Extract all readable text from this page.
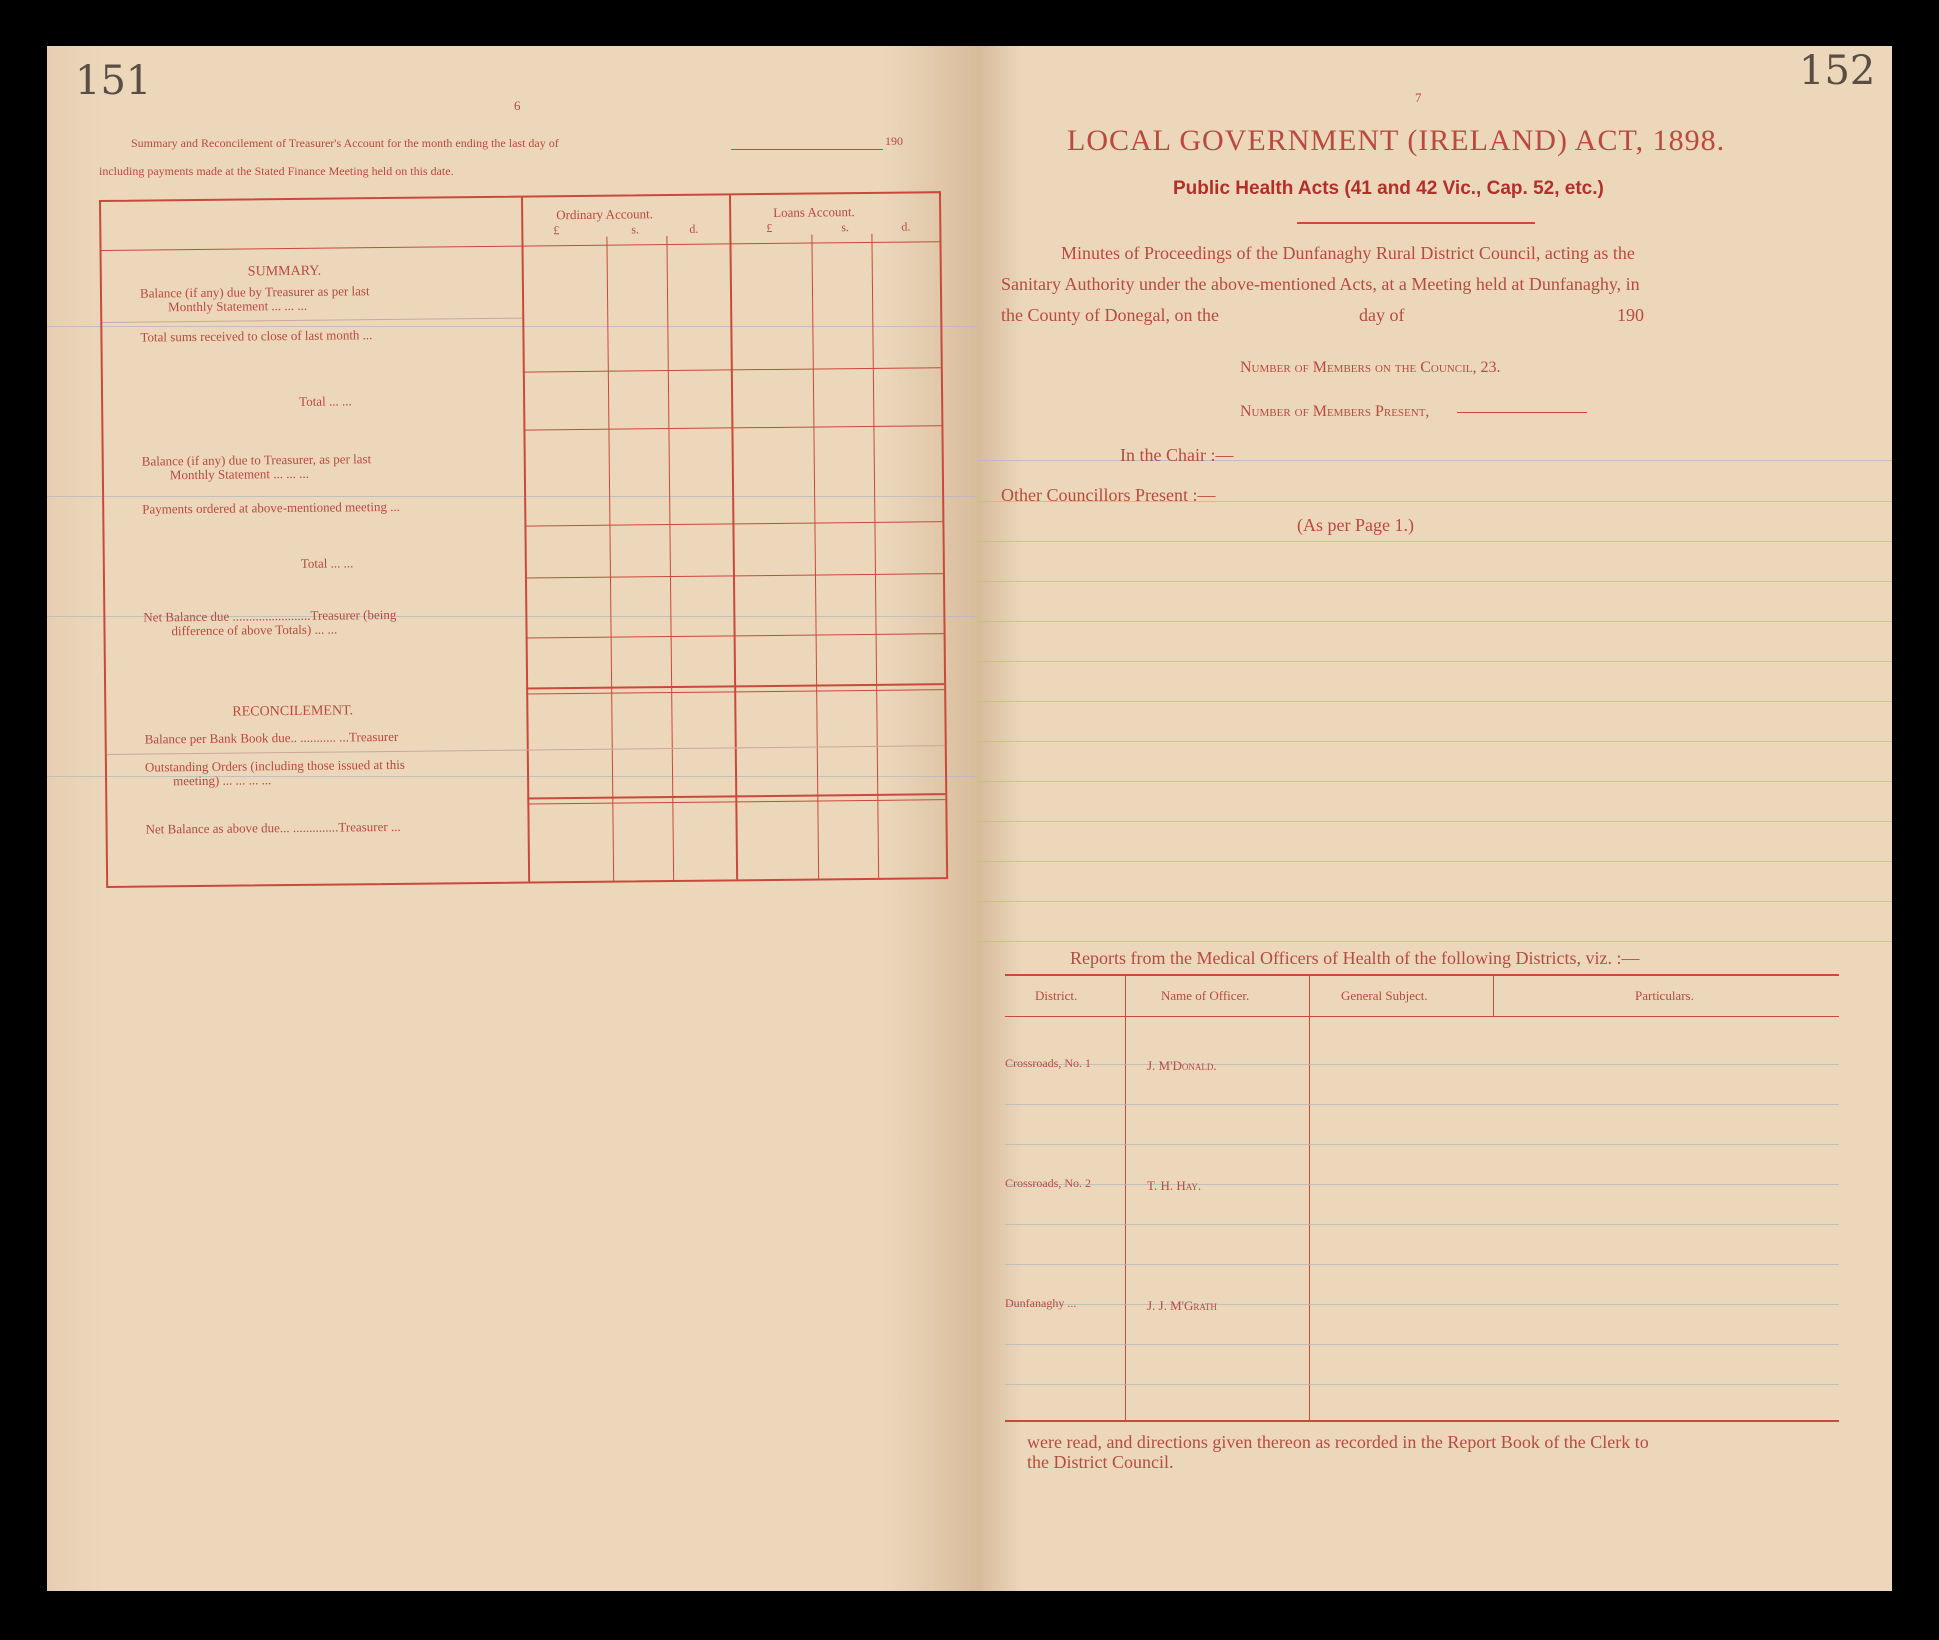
151
6
Summary and Reconcilement of Treasurer's Account for the month ending the last day of	190
including payments made at the Stated Finance Meeting held on this date.
Ordinary Account.	Loans Account.
£	s.	d.	£	s.	d.
SUMMARY.
Balance (if any) due by Treasurer as per last
Monthly Statement ... ... ...
Total sums received to close of last month ...
Total ... ...
Balance (if any) due to Treasurer, as per last
Monthly Statement ... ... ...
Payments ordered at above-mentioned meeting ...
Total ... ...
Net Balance due ........................Treasurer (being
difference of above Totals) ... ...
RECONCILEMENT.
Balance per Bank Book due.. ........... ...Treasurer
Outstanding Orders (including those issued at this
meeting) ... ... ... ...
Net Balance as above due... ..............Treasurer ...
152
7
LOCAL GOVERNMENT (IRELAND) ACT, 1898.
Public Health Acts (41 and 42 Vic., Cap. 52, etc.)
Minutes of Proceedings of the Dunfanaghy Rural District Council, acting as the
Sanitary Authority under the above-mentioned Acts, at a Meeting held at Dunfanaghy, in
the County of Donegal, on the	day of	190
Number of Members on the Council, 23.
Number of Members Present,
In the Chair :—
Other Councillors Present :—
(As per Page 1.)
Reports from the Medical Officers of Health of the following Districts, viz. :—
District.	Name of Officer.	General Subject.	Particulars.
Crossroads, No. 1	J. M'Donald.
Crossroads, No. 2	T. H. Hay.
Dunfanaghy ...	J. J. M'Grath
were read, and directions given thereon as recorded in the Report Book of the Clerk to
the District Council.
